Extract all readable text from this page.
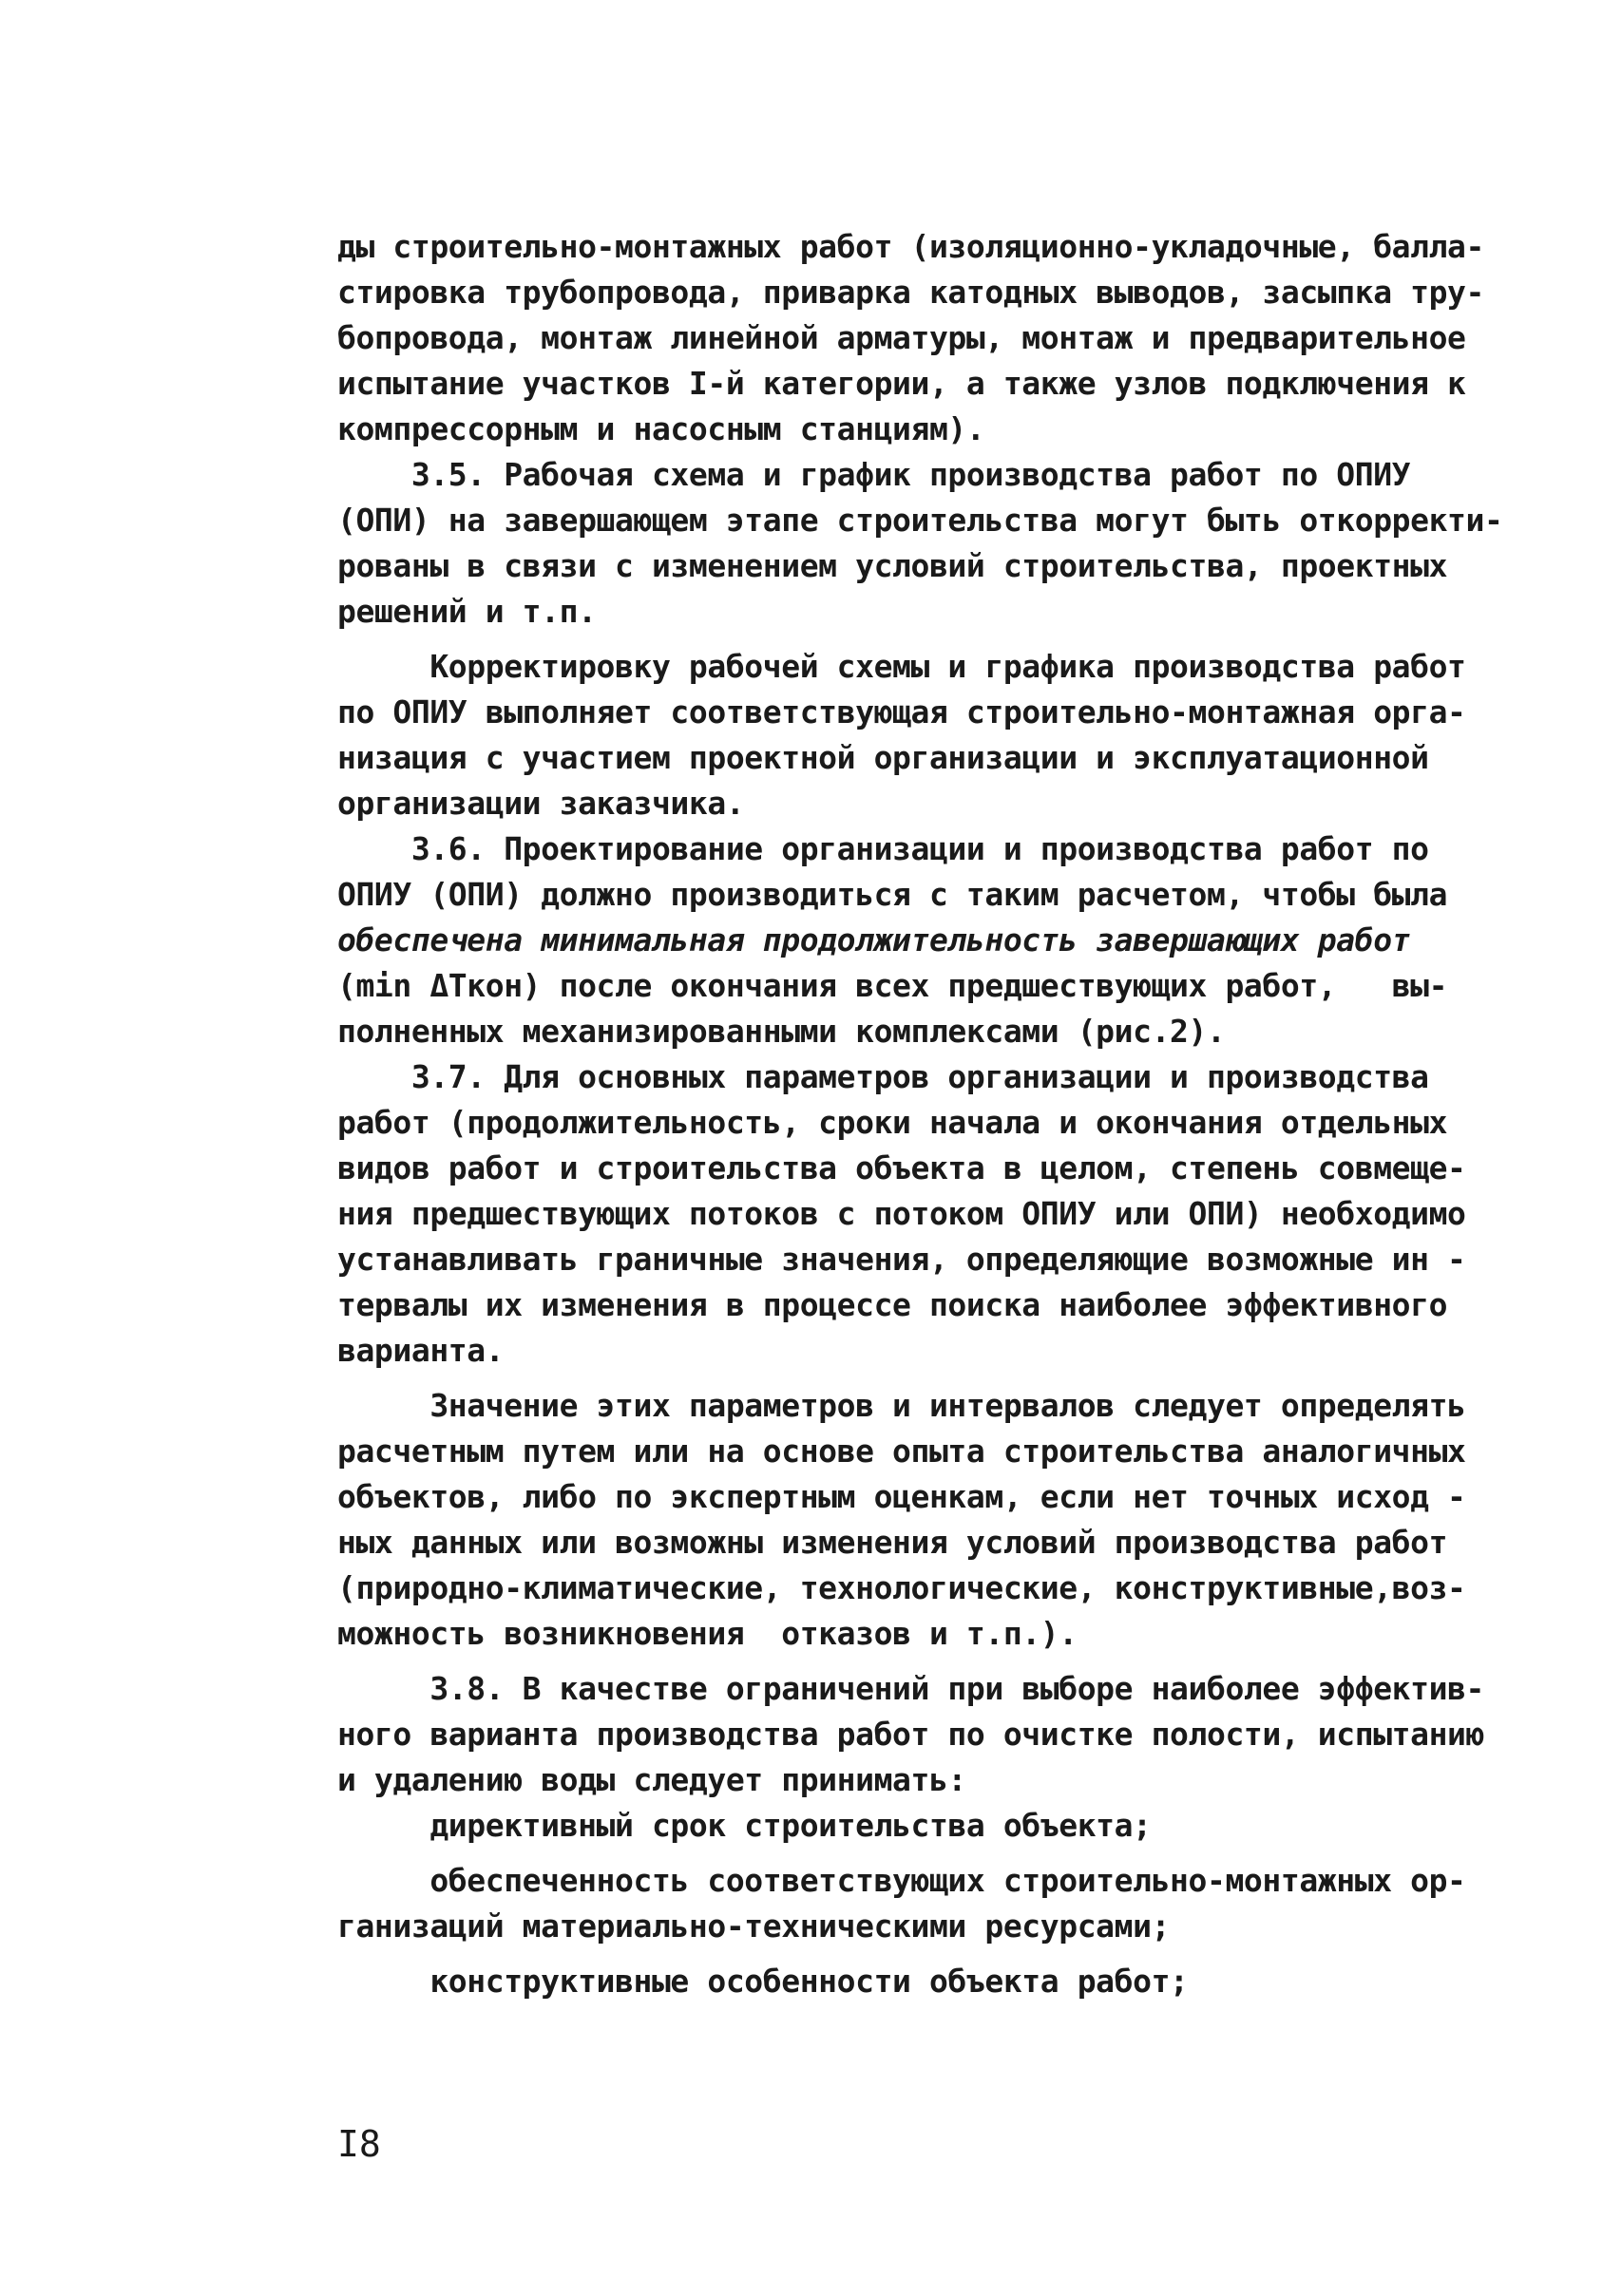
ды строительно-монтажных работ (изоляционно-укладочные, балла-

стировка трубопровода, приварка катодных выводов, засыпка тру-

бопровода, монтаж линейной арматуры, монтаж и предварительное

испытание участков I-й категории, а также узлов подключения к

компрессорным и насосным станциям).

3.5. Рабочая схема и график производства работ по ОПИУ

(ОПИ) на завершающем этапе строительства могут быть откорректи-

рованы в связи с изменением условий строительства, проектных

решений и т.п.

Корректировку рабочей схемы и графика производства работ

по ОПИУ выполняет соответствующая строительно-монтажная орга-

низация с участием проектной организации и эксплуатационной

организации заказчика.

3.6. Проектирование организации и производства работ по

ОПИУ (ОПИ) должно производиться с таким расчетом, чтобы была

обеспечена минимальная продолжительность завершающих работ

(min ΔTкон) после окончания всех предшествующих работ,   вы-

полненных механизированными комплексами (рис.2).

3.7. Для основных параметров организации и производства

работ (продолжительность, сроки начала и окончания отдельных

видов работ и строительства объекта в целом, степень совмеще-

ния предшествующих потоков с потоком ОПИУ или ОПИ) необходимо

устанавливать граничные значения, определяющие возможные ин -

тервалы их изменения в процессе поиска наиболее эффективного

варианта.

Значение этих параметров и интервалов следует определять

расчетным путем или на основе опыта строительства аналогичных

объектов, либо по экспертным оценкам, если нет точных исход -

ных данных или возможны изменения условий производства работ

(природно-климатические, технологические, конструктивные,воз-

можность возникновения  отказов и т.п.).

3.8. В качестве ограничений при выборе наиболее эффектив-

ного варианта производства работ по очистке полости, испытанию

и удалению воды следует принимать:

директивный срок строительства объекта;

обеспеченность соответствующих строительно-монтажных ор-

ганизаций материально-техническими ресурсами;

конструктивные особенности объекта работ;

I8
